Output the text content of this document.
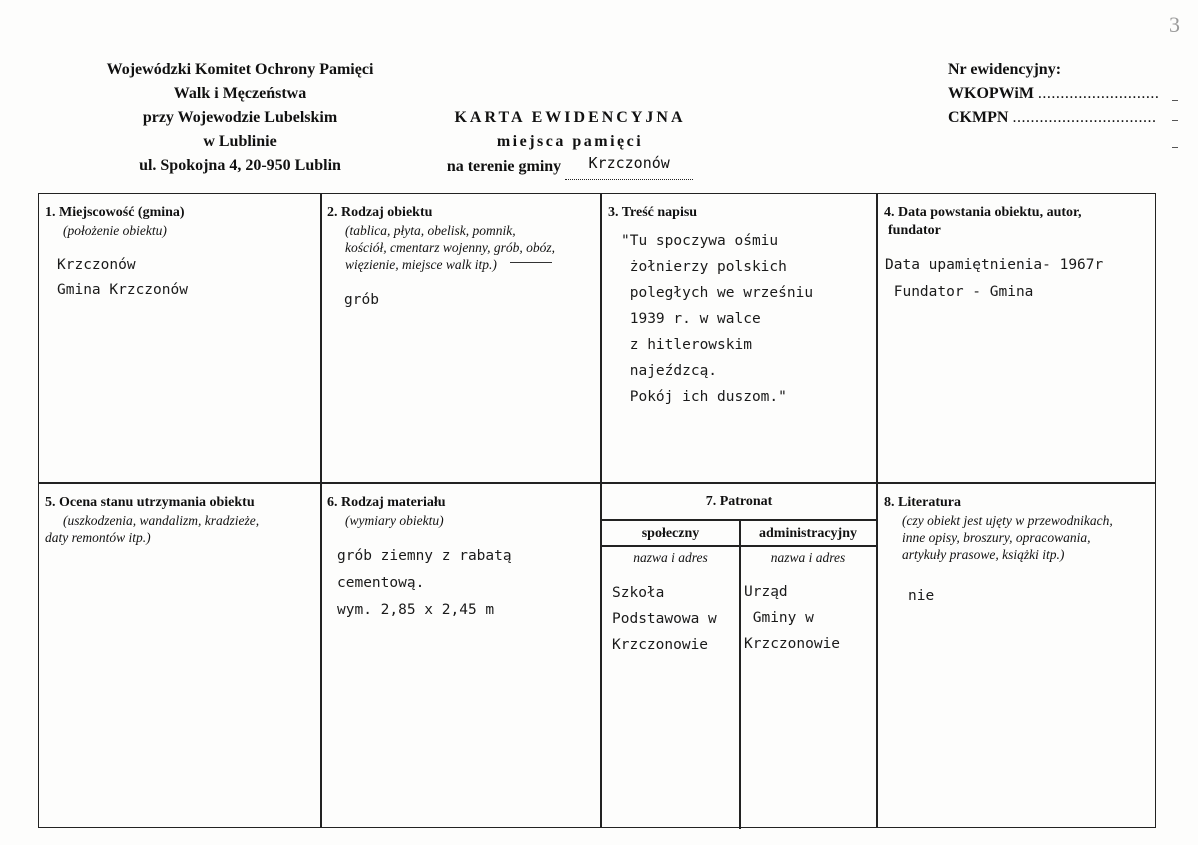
3
Wojewódzki Komitet Ochrony Pamięci
Walk i Męczeństwa
przy Wojewodzie Lubelskim
w Lublinie
ul. Spokojna 4, 20-950 Lublin
KARTA EWIDENCYJNA
miejsca pamięci
na terenie gminy Krzczonów
Nr ewidencyjny:
WKOPWiM ...........................
CKMPN ................................
1. Miejscowość (gmina)
(położenie obiektu)
Krzczonów
Gmina Krzczonów
2. Rodzaj obiektu
(tablica, płyta, obelisk, pomnik,
kościół, cmentarz wojenny, grób, obóz,
więzienie, miejsce walk itp.)
grób
3. Treść napisu
"Tu spoczywa ośmiu
żołnierzy polskich
poległych we wrześniu
1939 r. w walce
z hitlerowskim
najeźdzcą.
Pokój ich duszom."
4. Data powstania obiektu, autor,
fundator
Data upamiętnienia- 1967r
Fundator - Gmina
5. Ocena stanu utrzymania obiektu
(uszkodzenia, wandalizm, kradzieże,
daty remontów itp.)
6. Rodzaj materiału
(wymiary obiektu)
grób ziemny z rabatą
cementową.
wym. 2,85 x 2,45 m
7. Patronat
społeczny	administracyjny
nazwa i adres	nazwa i adres
Szkoła
Podstawowa w
Krzczonowie
Urząd
Gminy w
Krzczonowie
8. Literatura
(czy obiekt jest ujęty w przewodnikach,
inne opisy, broszury, opracowania,
artykuły prasowe, książki itp.)
nie
